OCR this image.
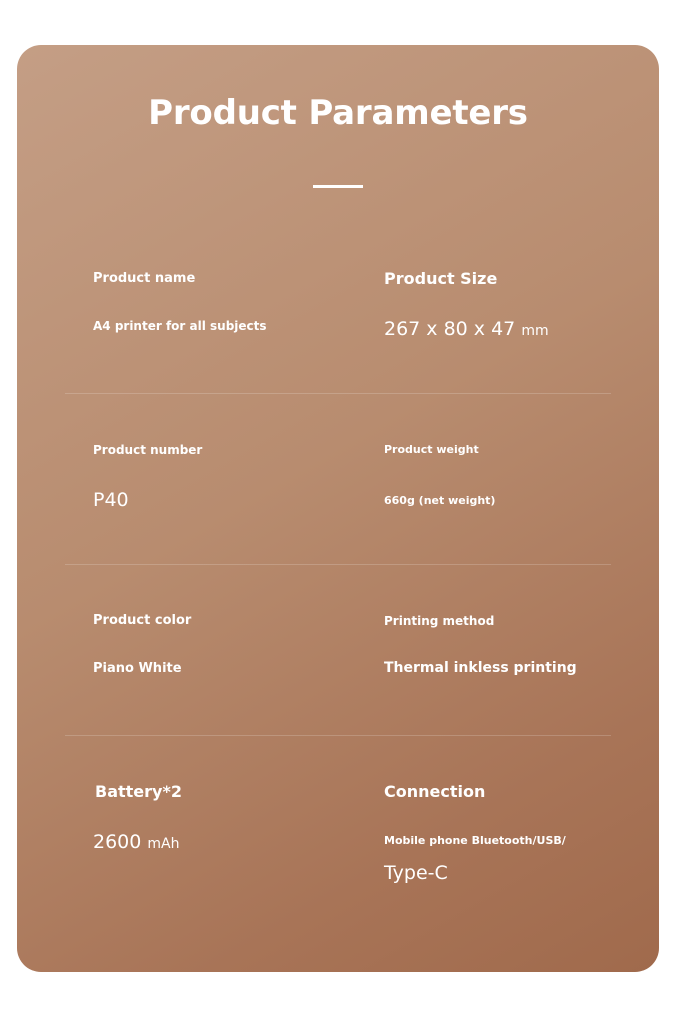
Product Parameters
Product name
A4 printer for all subjects
Product Size
267 x 80 x 47 mm
Product number
P40
Product weight
660g (net weight)
Product color
Piano White
Printing method
Thermal inkless printing
Battery*2
2600 mAh
Connection
Mobile phone Bluetooth/USB/
Type-C
